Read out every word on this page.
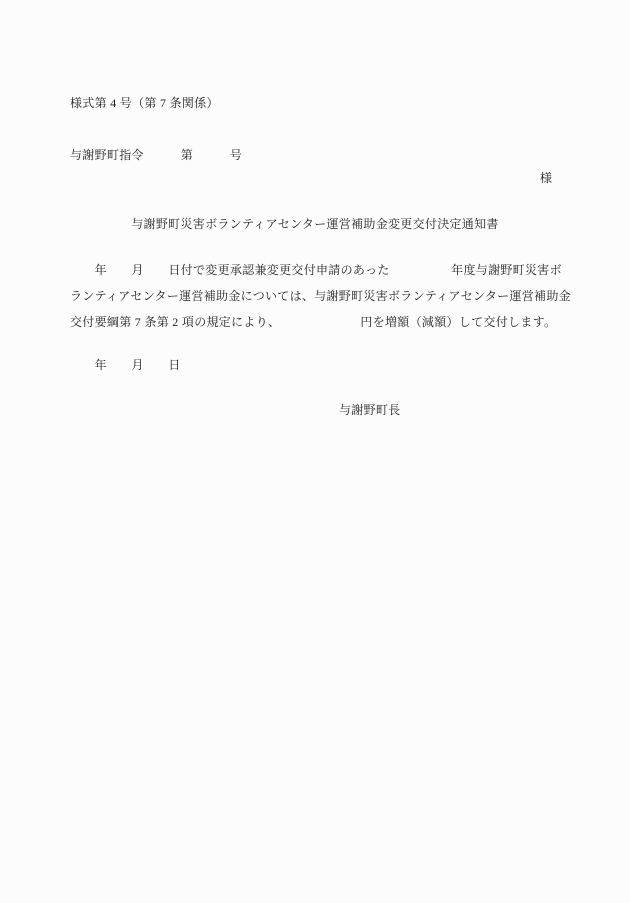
様式第 4 号（第 7 条関係）
与謝野町指令　　　第　　　号
様
与謝野町災害ボランティアセンター運営補助金変更交付決定通知書
　　年　　月　　日付で変更承認兼変更交付申請のあった　　　　　年度与謝野町災害ボ
ランティアセンター運営補助金については、与謝野町災害ボランティアセンター運営補助金
交付要綱第 7 条第 2 項の規定により、　　　　　　　円を増額（減額）して交付します。
　　年　　月　　日
与謝野町長
